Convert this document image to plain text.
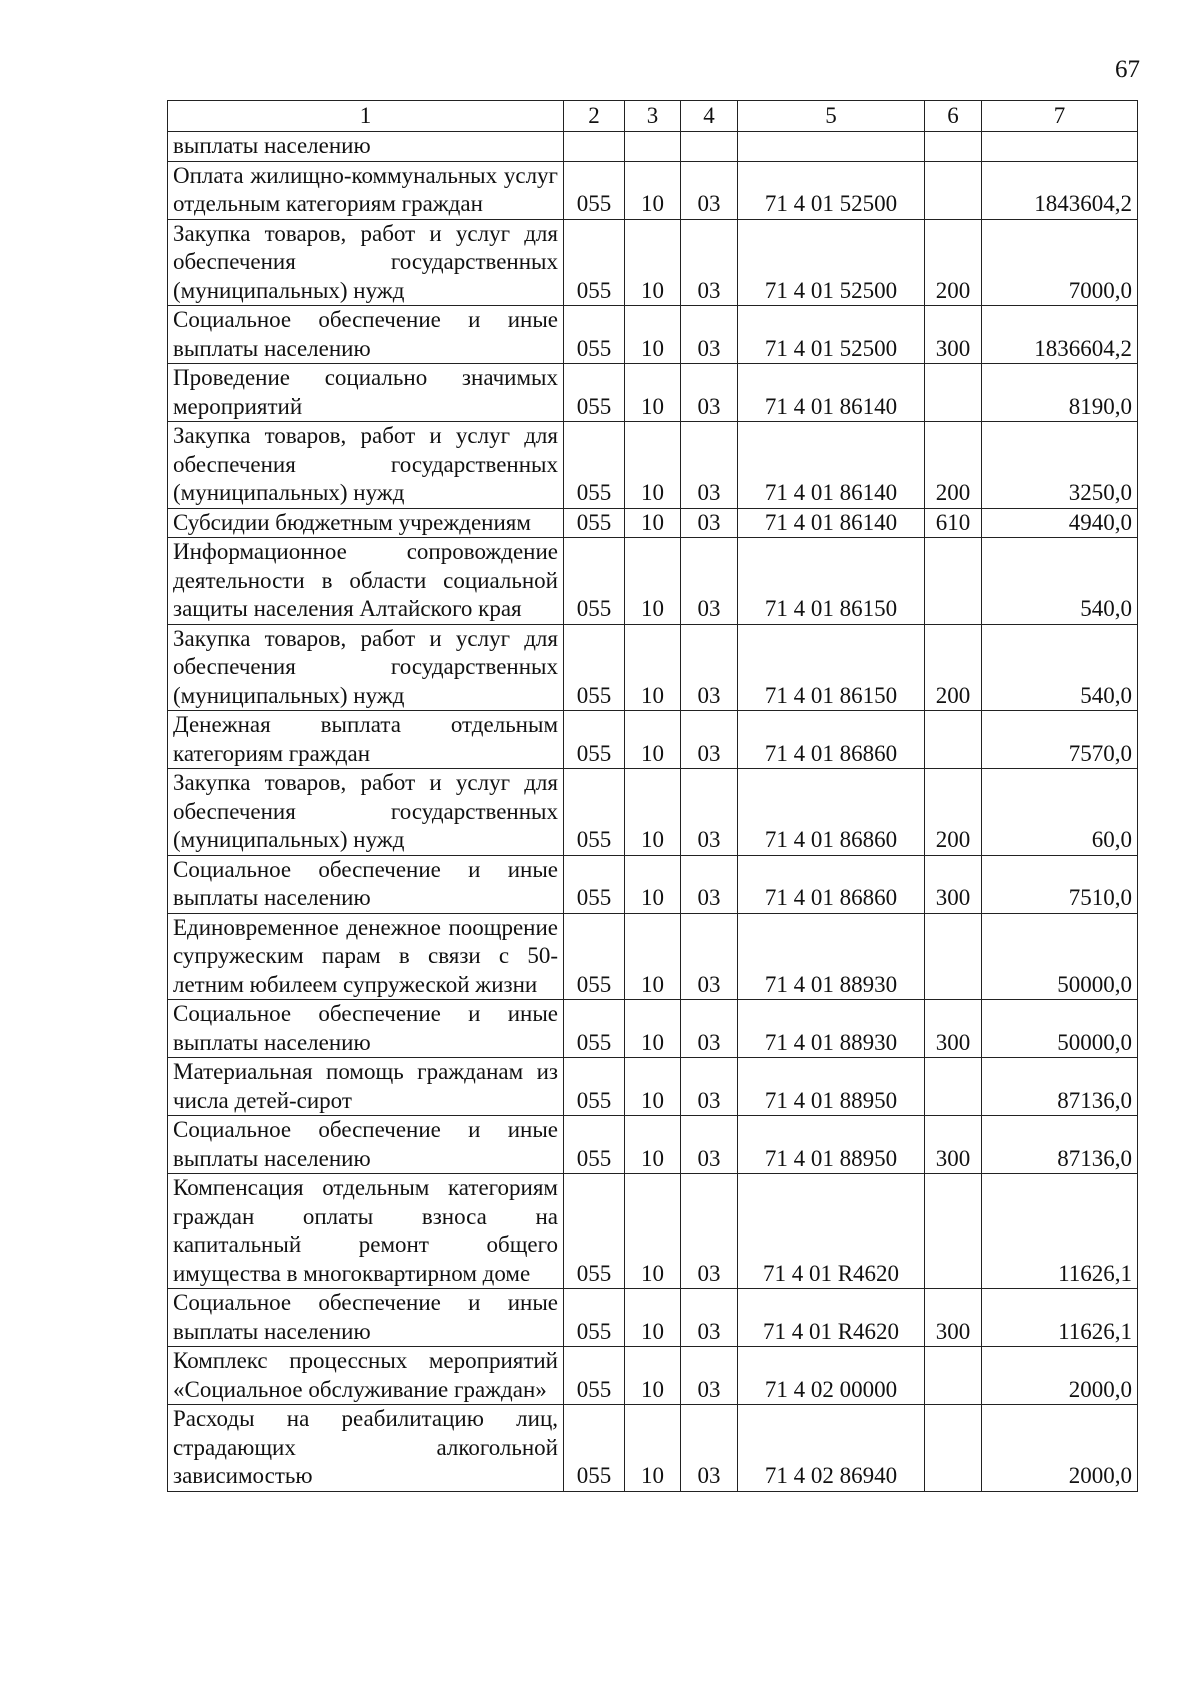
67
1	2	3	4	5	6	7
выплаты населению						
Оплата жилищно-коммунальных услуг отдельным категориям граждан	055	10	03	71 4 01 52500		1843604,2
Закупка товаров, работ и услуг для обеспечения государственных (муниципальных) нужд	055	10	03	71 4 01 52500	200	7000,0
Социальное обеспечение и иные выплаты населению	055	10	03	71 4 01 52500	300	1836604,2
Проведение социально значимых мероприятий	055	10	03	71 4 01 86140		8190,0
Закупка товаров, работ и услуг для обеспечения государственных (муниципальных) нужд	055	10	03	71 4 01 86140	200	3250,0
Субсидии бюджетным учреждениям	055	10	03	71 4 01 86140	610	4940,0
Информационное сопровождение деятельности в области социальной защиты населения Алтайского края	055	10	03	71 4 01 86150		540,0
Закупка товаров, работ и услуг для обеспечения государственных (муниципальных) нужд	055	10	03	71 4 01 86150	200	540,0
Денежная выплата отдельным категориям граждан	055	10	03	71 4 01 86860		7570,0
Закупка товаров, работ и услуг для обеспечения государственных (муниципальных) нужд	055	10	03	71 4 01 86860	200	60,0
Социальное обеспечение и иные выплаты населению	055	10	03	71 4 01 86860	300	7510,0
Единовременное денежное поощрение супружеским парам в связи с 50-летним юбилеем супружеской жизни	055	10	03	71 4 01 88930		50000,0
Социальное обеспечение и иные выплаты населению	055	10	03	71 4 01 88930	300	50000,0
Материальная помощь гражданам из числа детей-сирот	055	10	03	71 4 01 88950		87136,0
Социальное обеспечение и иные выплаты населению	055	10	03	71 4 01 88950	300	87136,0
Компенсация отдельным категориям граждан оплаты взноса на капитальный ремонт общего имущества в многоквартирном доме	055	10	03	71 4 01 R4620		11626,1
Социальное обеспечение и иные выплаты населению	055	10	03	71 4 01 R4620	300	11626,1
Комплекс процессных мероприятий «Социальное обслуживание граждан»	055	10	03	71 4 02 00000		2000,0
Расходы на реабилитацию лиц, страдающих алкогольной зависимостью	055	10	03	71 4 02 86940		2000,0
